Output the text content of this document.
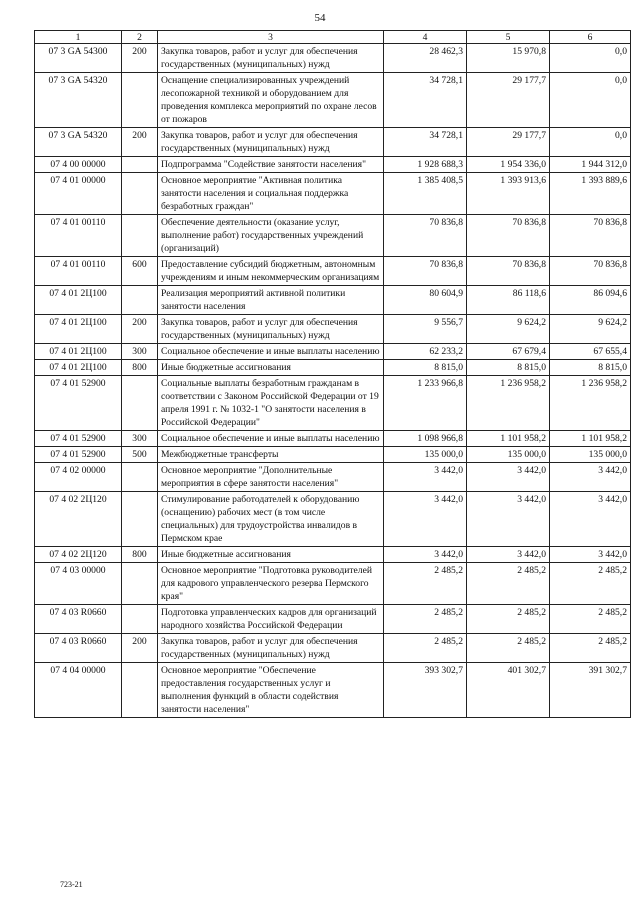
54
1	2	3	4	5	6
07 3 GA 54300	200	Закупка товаров, работ и услуг для обеспечения государственных (муниципальных) нужд	28 462,3	15 970,8	0,0
07 3 GA 54320		Оснащение специализированных учреждений лесопожарной техникой и оборудованием для проведения комплекса мероприятий по охране лесов от пожаров	34 728,1	29 177,7	0,0
07 3 GA 54320	200	Закупка товаров, работ и услуг для обеспечения государственных (муниципальных) нужд	34 728,1	29 177,7	0,0
07 4 00 00000		Подпрограмма "Содействие занятости населения"	1 928 688,3	1 954 336,0	1 944 312,0
07 4 01 00000		Основное мероприятие "Активная политика занятости населения и социальная поддержка безработных граждан"	1 385 408,5	1 393 913,6	1 393 889,6
07 4 01 00110		Обеспечение деятельности (оказание услуг, выполнение работ) государственных учреждений (организаций)	70 836,8	70 836,8	70 836,8
07 4 01 00110	600	Предоставление субсидий бюджетным, автономным учреждениям и иным некоммерческим организациям	70 836,8	70 836,8	70 836,8
07 4 01 2Ц100		Реализация мероприятий активной политики занятости населения	80 604,9	86 118,6	86 094,6
07 4 01 2Ц100	200	Закупка товаров, работ и услуг для обеспечения государственных (муниципальных) нужд	9 556,7	9 624,2	9 624,2
07 4 01 2Ц100	300	Социальное обеспечение и иные выплаты населению	62 233,2	67 679,4	67 655,4
07 4 01 2Ц100	800	Иные бюджетные ассигнования	8 815,0	8 815,0	8 815,0
07 4 01 52900		Социальные выплаты безработным гражданам в соответствии с Законом Российской Федерации от 19 апреля 1991 г. № 1032-1 "О занятости населения в Российской Федерации"	1 233 966,8	1 236 958,2	1 236 958,2
07 4 01 52900	300	Социальное обеспечение и иные выплаты населению	1 098 966,8	1 101 958,2	1 101 958,2
07 4 01 52900	500	Межбюджетные трансферты	135 000,0	135 000,0	135 000,0
07 4 02 00000		Основное мероприятие "Дополнительные мероприятия в сфере занятости населения"	3 442,0	3 442,0	3 442,0
07 4 02 2Ц120		Стимулирование работодателей к оборудованию (оснащению) рабочих мест (в том числе специальных) для трудоустройства инвалидов в Пермском крае	3 442,0	3 442,0	3 442,0
07 4 02 2Ц120	800	Иные бюджетные ассигнования	3 442,0	3 442,0	3 442,0
07 4 03 00000		Основное мероприятие "Подготовка руководителей для кадрового управленческого резерва Пермского края"	2 485,2	2 485,2	2 485,2
07 4 03 R0660		Подготовка управленческих кадров для организаций народного хозяйства Российской Федерации	2 485,2	2 485,2	2 485,2
07 4 03 R0660	200	Закупка товаров, работ и услуг для обеспечения государственных (муниципальных) нужд	2 485,2	2 485,2	2 485,2
07 4 04 00000		Основное мероприятие "Обеспечение предоставления государственных услуг и выполнения функций в области содействия занятости населения"	393 302,7	401 302,7	391 302,7
723-21
